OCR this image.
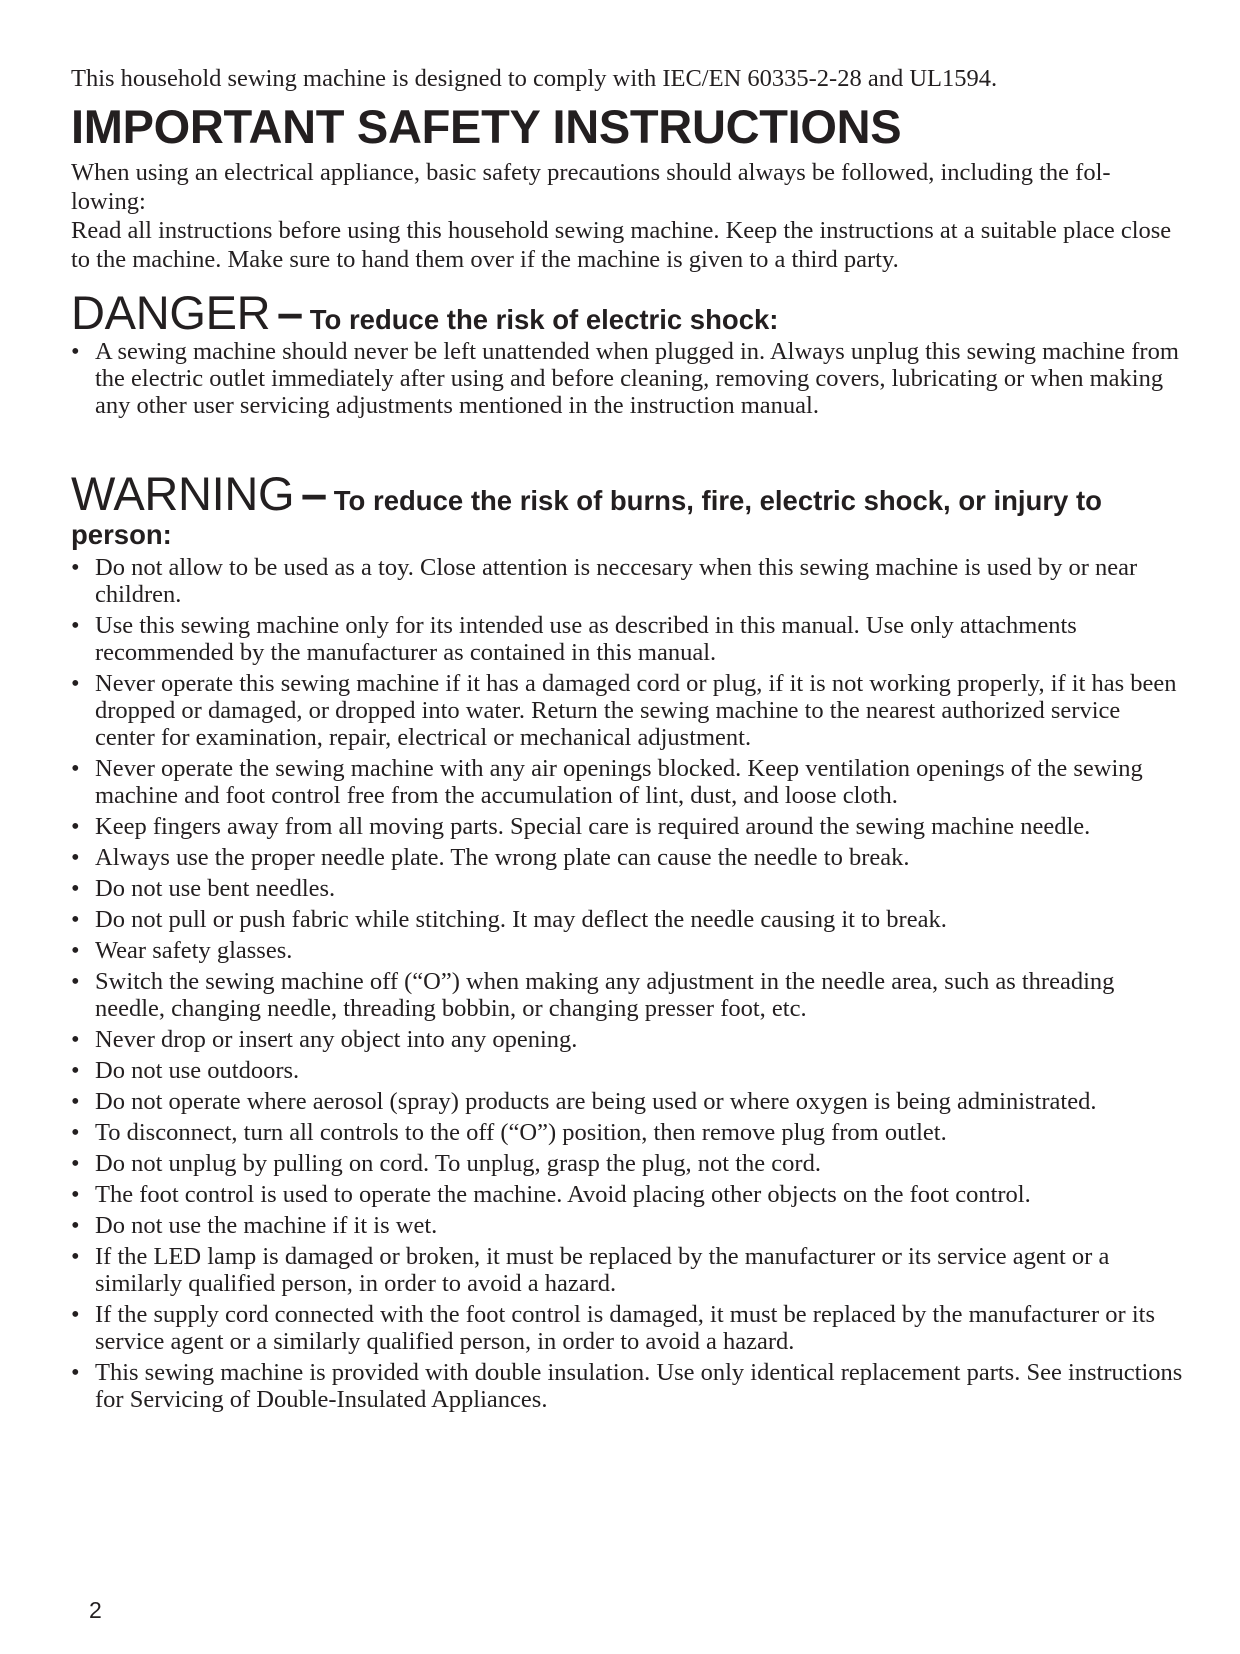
This household sewing machine is designed to comply with IEC/EN 60335-2-28 and UL1594.

IMPORTANT SAFETY INSTRUCTIONS

When using an electrical appliance, basic safety precautions should always be followed, including the fol-lowing:

Read all instructions before using this household sewing machine. Keep the instructions at a suitable place close to the machine. Make sure to hand them over if the machine is given to a third party.

DANGER – To reduce the risk of electric shock:
• A sewing machine should never be left unattended when plugged in. Always unplug this sewing machine from the electric outlet immediately after using and before cleaning, removing covers, lubricating or when making any other user servicing adjustments mentioned in the instruction manual.
WARNING – To reduce the risk of burns, fire, electric shock, or injury to person:
• Do not allow to be used as a toy. Close attention is neccesary when this sewing machine is used by or near children.
• Use this sewing machine only for its intended use as described in this manual. Use only attachments recommended by the manufacturer as contained in this manual.
• Never operate this sewing machine if it has a damaged cord or plug, if it is not working properly, if it has been dropped or damaged, or dropped into water. Return the sewing machine to the nearest authorized service center for examination, repair, electrical or mechanical adjustment.
• Never operate the sewing machine with any air openings blocked. Keep ventilation openings of the sewing machine and foot control free from the accumulation of lint, dust, and loose cloth.
• Keep fingers away from all moving parts. Special care is required around the sewing machine needle.
• Always use the proper needle plate. The wrong plate can cause the needle to break.
• Do not use bent needles.
• Do not pull or push fabric while stitching. It may deflect the needle causing it to break.
• Wear safety glasses.
• Switch the sewing machine off (“O”) when making any adjustment in the needle area, such as threading needle, changing needle, threading bobbin, or changing presser foot, etc.
• Never drop or insert any object into any opening.
• Do not use outdoors.
• Do not operate where aerosol (spray) products are being used or where oxygen is being administrated.
• To disconnect, turn all controls to the off (“O”) position, then remove plug from outlet.
• Do not unplug by pulling on cord. To unplug, grasp the plug, not the cord.
• The foot control is used to operate the machine. Avoid placing other objects on the foot control.
• Do not use the machine if it is wet.
• If the LED lamp is damaged or broken, it must be replaced by the manufacturer or its service agent or a similarly qualified person, in order to avoid a hazard.
• If the supply cord connected with the foot control is damaged, it must be replaced by the manufacturer or its service agent or a similarly qualified person, in order to avoid a hazard.
• This sewing machine is provided with double insulation. Use only identical replacement parts. See instructions for Servicing of Double-Insulated Appliances.
2
